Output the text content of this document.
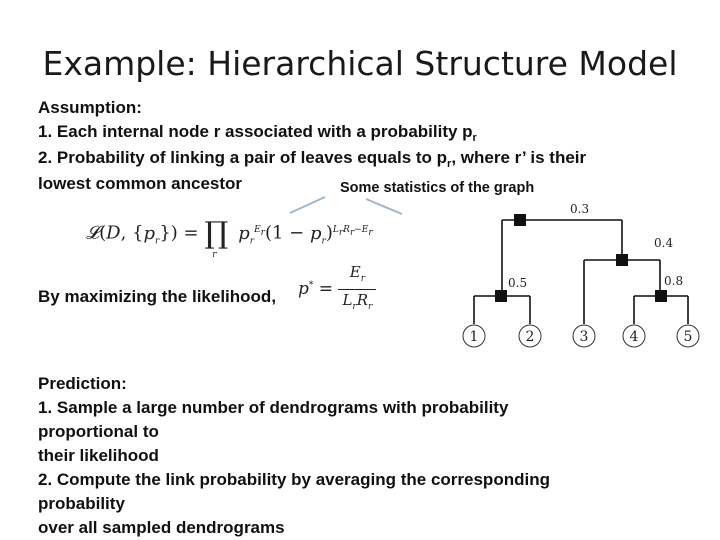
Example: Hierarchical Structure Model
Assumption:
1. Each internal node r associated with a probability $p_r$
2. Probability of linking a pair of leaves equals to $p_r$, where r’ is their
lowest common ancestor	Some statistics of the graph
𝓛(D, $\{p_r\}$) = $\prod_r$ $p_r^{E_r}(1 - p_r)^{L_rR_r-E_r}$
By maximizing the likelihood, $p^* = \frac{E_r}{L_rR_r}$
0.3
0.4
0.5	0.8
1	2	3	4	5
Prediction:
1. Sample a large number of dendrograms with probability
proportional to
their likelihood
2. Compute the link probability by averaging the corresponding
probability
over all sampled dendrograms
